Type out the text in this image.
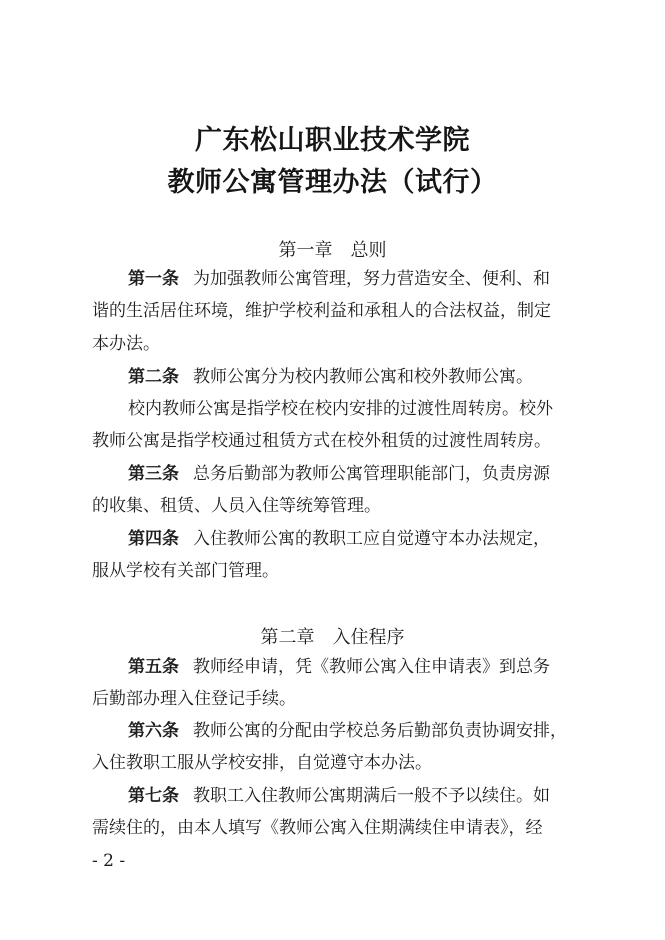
广东松山职业技术学院
教师公寓管理办法（试行）
第一章 总则
第一条 为加强教师公寓管理，努力营造安全、便利、和
谐的生活居住环境，维护学校利益和承租人的合法权益，制定
本办法。
第二条 教师公寓分为校内教师公寓和校外教师公寓。
校内教师公寓是指学校在校内安排的过渡性周转房。校外
教师公寓是指学校通过租赁方式在校外租赁的过渡性周转房。
第三条 总务后勤部为教师公寓管理职能部门，负责房源
的收集、租赁、人员入住等统筹管理。
第四条 入住教师公寓的教职工应自觉遵守本办法规定，
服从学校有关部门管理。
第二章 入住程序
第五条 教师经申请，凭《教师公寓入住申请表》到总务
后勤部办理入住登记手续。
第六条 教师公寓的分配由学校总务后勤部负责协调安排，
入住教职工服从学校安排，自觉遵守本办法。
第七条 教职工入住教师公寓期满后一般不予以续住。如
需续住的，由本人填写《教师公寓入住期满续住申请表》，经
- 2 -
